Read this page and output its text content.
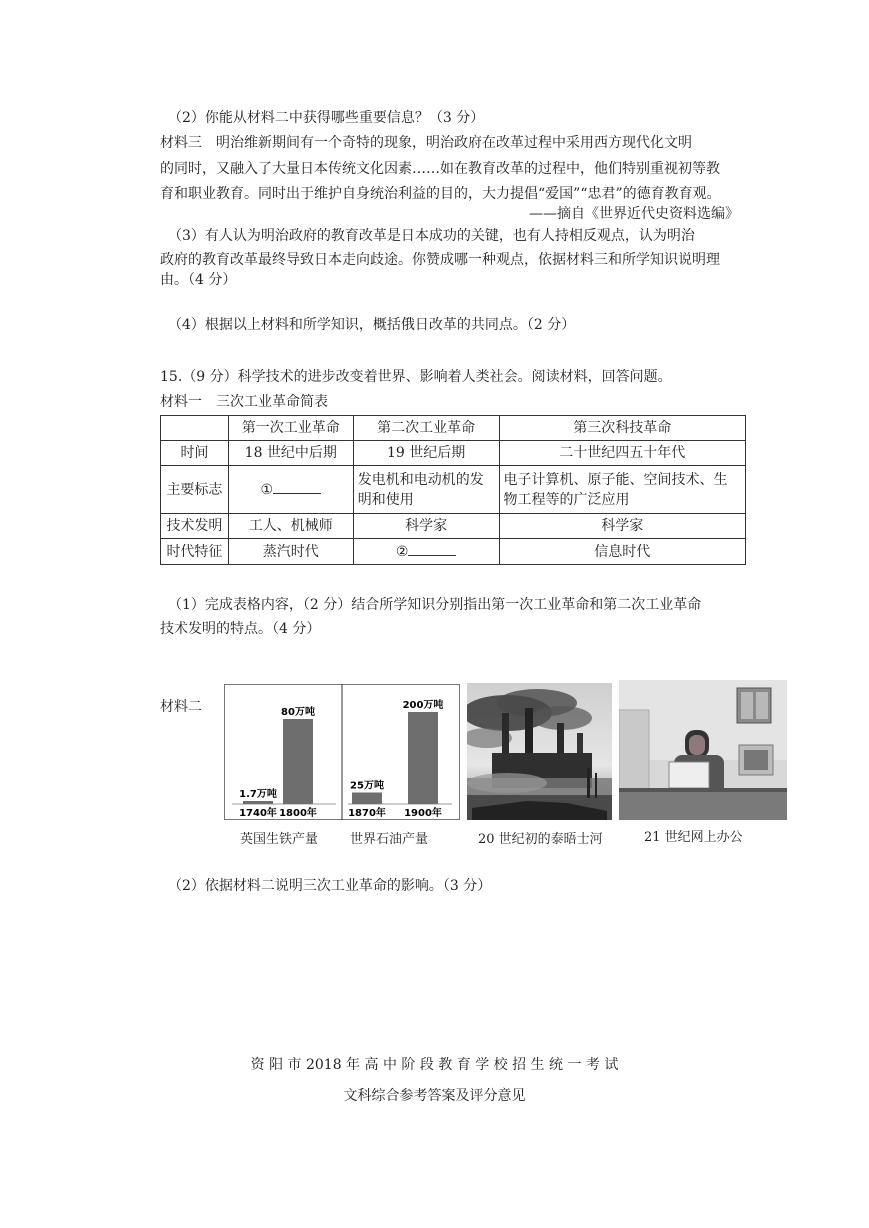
（2）你能从材料二中获得哪些重要信息？（3 分）
材料三　明治维新期间有一个奇特的现象，明治政府在改革过程中采用西方现代化文明
的同时，又融入了大量日本传统文化因素……如在教育改革的过程中，他们特别重视初等教
育和职业教育。同时出于维护自身统治利益的目的，大力提倡“爱国”“忠君”的德育教育观。
——摘自《世界近代史资料选编》
（3）有人认为明治政府的教育改革是日本成功的关键，也有人持相反观点，认为明治
政府的教育改革最终导致日本走向歧途。你赞成哪一种观点，依据材料三和所学知识说明理
由。（4 分）
（4）根据以上材料和所学知识，概括俄日改革的共同点。（2 分）
15.（9 分）科学技术的进步改变着世界、影响着人类社会。阅读材料，回答问题。
材料一　三次工业革命简表
	第一次工业革命	第二次工业革命	第三次科技革命
时间	18 世纪中后期	19 世纪后期	二十世纪四五十年代
主要标志	①	发电机和电动机的发明和使用	电子计算机、原子能、空间技术、生物工程等的广泛应用
技术发明	工人、机械师	科学家	科学家
时代特征	蒸汽时代	②	信息时代
（1）完成表格内容，（2 分）结合所学知识分别指出第一次工业革命和第二次工业革命
技术发明的特点。（4 分）
材料二
1.7万吨
1740年
80万吨
1800年
25万吨
1870年
200万吨
1900年
英国生铁产量 世界石油产量	20 世纪初的泰晤士河	21 世纪网上办公
（2）依据材料二说明三次工业革命的影响。（3 分）
资 阳 市 2018 年 高 中 阶 段 教 育 学 校 招 生 统 一 考 试
文科综合参考答案及评分意见
